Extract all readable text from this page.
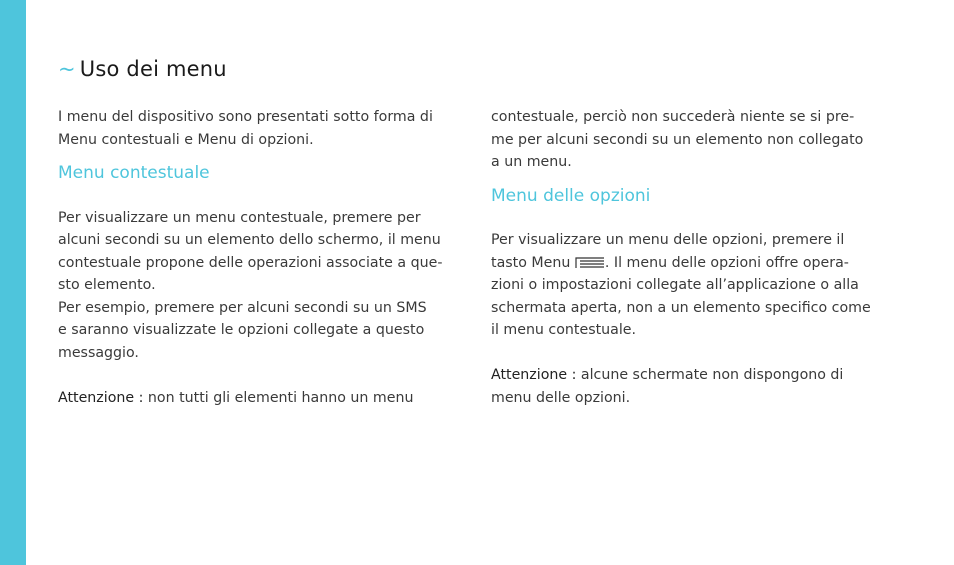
~ Uso dei menu

I menu del dispositivo sono presentati sotto forma di
Menu contestuali e Menu di opzioni.

Menu contestuale

Per visualizzare un menu contestuale, premere per
alcuni secondi su un elemento dello schermo, il menu
contestuale propone delle operazioni associate a que-
sto elemento.
Per esempio, premere per alcuni secondi su un SMS
e saranno visualizzate le opzioni collegate a questo
messaggio.

Attenzione : non tutti gli elementi hanno un menu

contestuale, perciò non succederà niente se si pre-
me per alcuni secondi su un elemento non collegato
a un menu.

Menu delle opzioni

Per visualizzare un menu delle opzioni, premere il
tasto Menu . Il menu delle opzioni offre opera-
zioni o impostazioni collegate all’applicazione o alla
schermata aperta, non a un elemento specifico come
il menu contestuale.

Attenzione : alcune schermate non dispongono di
menu delle opzioni.
